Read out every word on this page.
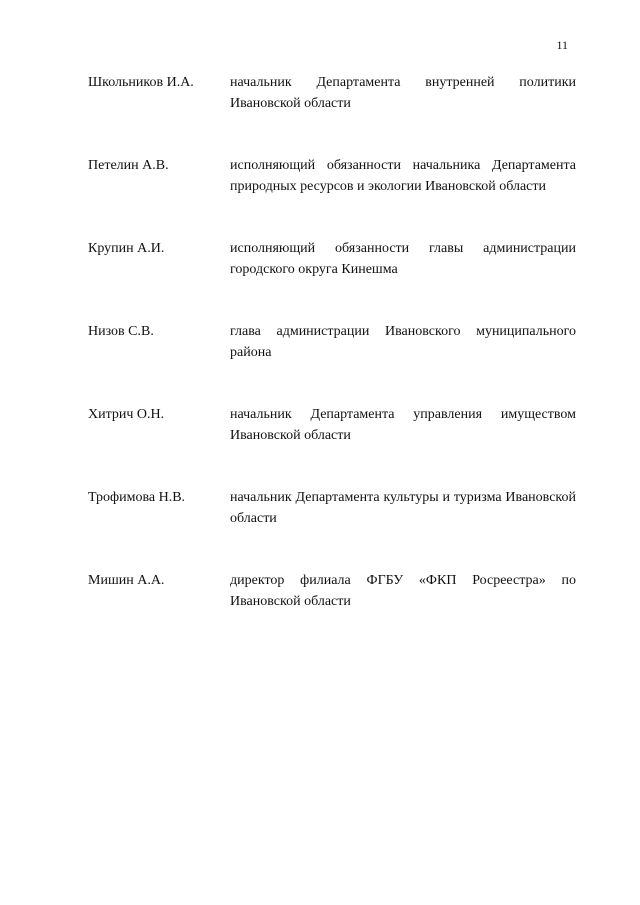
11
Школьников И.А.	начальник Департамента внутренней политики Ивановской области
Петелин А.В.	исполняющий обязанности начальника Департамента природных ресурсов и экологии Ивановской области
Крупин А.И.	исполняющий обязанности главы администрации городского округа Кинешма
Низов С.В.	глава администрации Ивановского муниципального района
Хитрич О.Н.	начальник Департамента управления имуществом Ивановской области
Трофимова Н.В.	начальник Департамента культуры и туризма Ивановской области
Мишин А.А.	директор филиала ФГБУ «ФКП Росреестра» по Ивановской области
